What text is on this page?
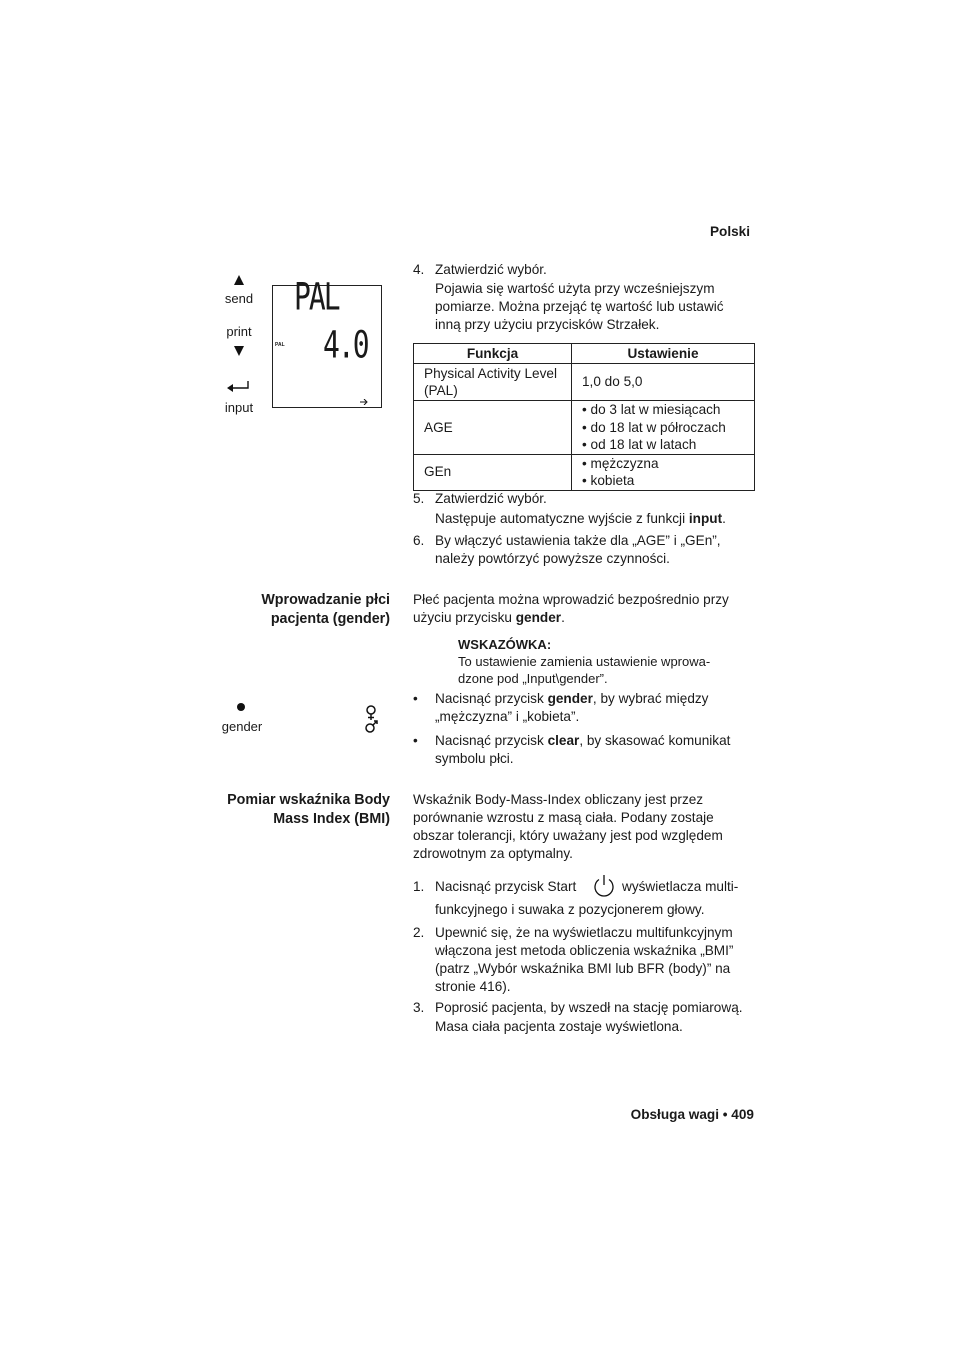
Polski
send
print
input
PAL
PAL 4.0
4. Zatwierdzić wybór.
Pojawia się wartość użyta przy wcześniejszym
pomiarze. Można przejąć tę wartość lub ustawić
inną przy użyciu przycisków Strzałek.
Funkcja	Ustawienie

Physical Activity Level
(PAL)	1,0 do 5,0

AGE	• do 3 lat w miesiącach
• do 18 lat w półroczach
• od 18 lat w latach

GEn	• mężczyzna
• kobieta
5. Zatwierdzić wybór.
Następuje automatyczne wyjście z funkcji input.
6. By włączyć ustawienia także dla „AGE” i „GEn”,
należy powtórzyć powyższe czynności.
Wprowadzanie płci
pacjenta (gender)
Płeć pacjenta można wprowadzić bezpośrednio przy
użyciu przycisku gender.
WSKAZÓWKA:
To ustawienie zamienia ustawienie wprowa-
dzone pod „Input\gender”.
gender
• Nacisnąć przycisk gender, by wybrać między
„mężczyzna” i „kobieta”.
• Nacisnąć przycisk clear, by skasować komunikat
symbolu płci.
Pomiar wskaźnika Body
Mass Index (BMI)
Wskaźnik Body-Mass-Index obliczany jest przez
porównanie wzrostu z masą ciała. Podany zostaje
obszar tolerancji, który uważany jest pod względem
zdrowotnym za optymalny.
1. Nacisnąć przycisk Start	wyświetlacza multi-
funkcyjnego i suwaka z pozycjonerem głowy.
2. Upewnić się, że na wyświetlaczu multifunkcyjnym
włączona jest metoda obliczenia wskaźnika „BMI”
(patrz „Wybór wskaźnika BMI lub BFR (body)” na
stronie 416).
3. Poprosić pacjenta, by wszedł na stację pomiarową.
Masa ciała pacjenta zostaje wyświetlona.
Obsługa wagi • 409
